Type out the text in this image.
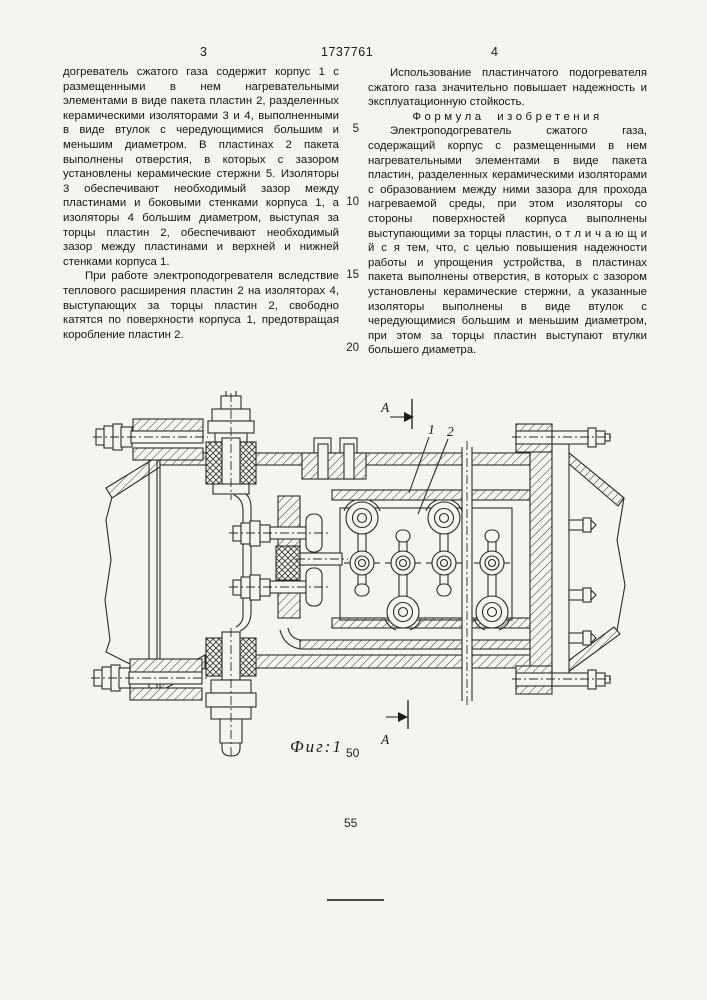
3	1737761	4

догреватель сжатого газа содержит корпус 1 с размещенными в нем нагревательными элементами в виде пакета пластин 2, разделенных керамическими изоляторами 3 и 4, выполненными в виде втулок с чередующимися большим и меньшим диаметром. В пластинах 2 пакета выполнены отверстия, в которых с зазором установлены керамические стержни 5. Изоляторы 3 обеспечивают необходимый зазор между пластинами и боковыми стенками корпуса 1, а изоляторы 4 большим диаметром, выступая за торцы пластин 2, обеспечивают необходимый зазор между пластинами и верхней и нижней стенками корпуса 1.

При работе электроподогревателя вследствие теплового расширения пластин 2 на изоляторах 4, выступающих за торцы пластин 2, свободно катятся по поверхности корпуса 1, предотвращая коробление пластин 2.

Использование пластинчатого подогревателя сжатого газа значительно повышает надежность и эксплуатационную стойкость.

Формула изобретения

Электроподогреватель сжатого газа, содержащий корпус с размещенными в нем нагревательными элементами в виде пакета пластин, разделенных керамическими изоляторами с образованием между ними зазора для прохода нагреваемой среды, при этом изоляторы со стороны поверхностей корпуса выполнены выступающими за торцы пластин, о т л и ч а ю щ и й с я тем, что, с целью повышения надежности работы и упрощения устройства, в пластинах пакета выполнены отверстия, в которых с зазором установлены керамические стержни, а указанные изоляторы выполнены в виде втулок с чередующимися большим и меньшим диаметром, при этом за торцы пластин выступают втулки большего диаметра.

5
10
15
20
50
55
A
A
1 2
Фиг:1
